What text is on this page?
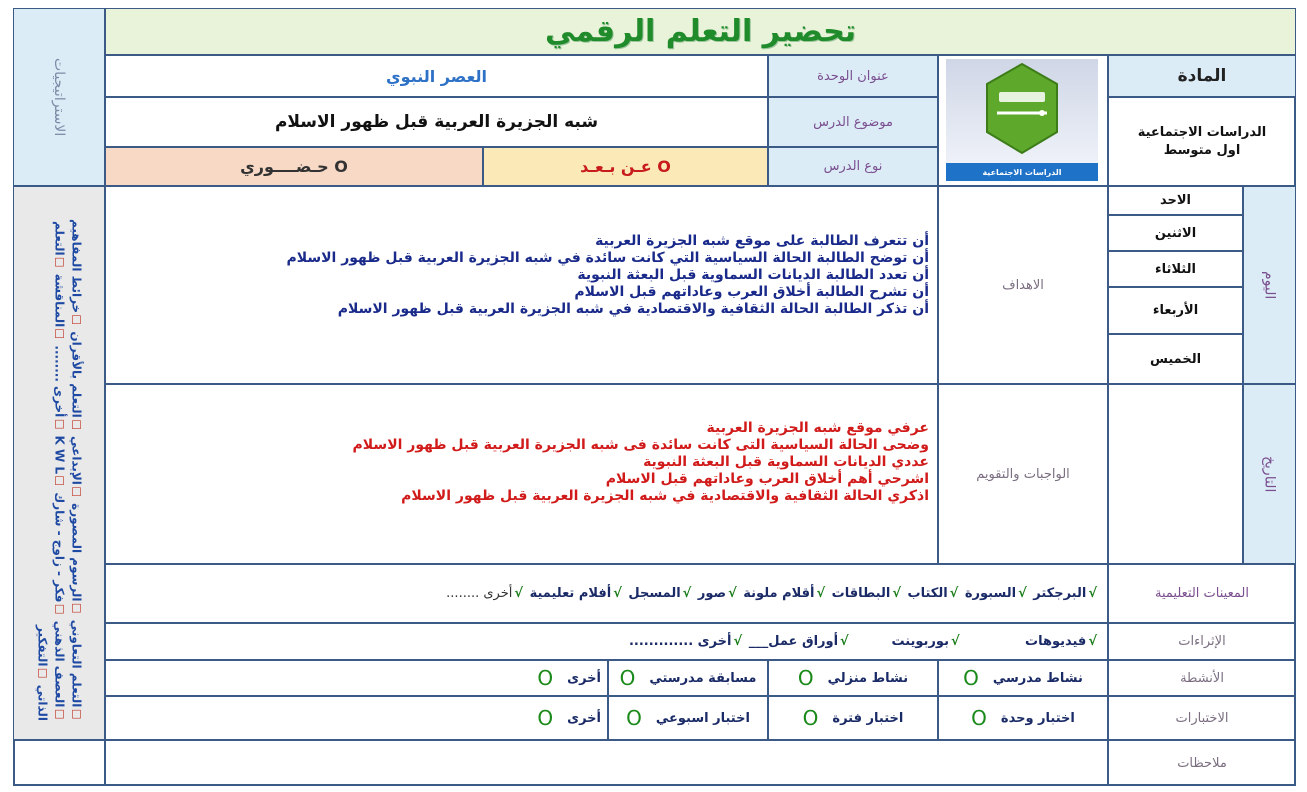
تحضير التعلم الرقمي
الاستراتيجيات
☐التعلم التعاوني ☐الرسوم المصورة ☐الإبداعي ☐التعلم بالأقران ☐خرائط المفاهيم ☐العصف الذهني ☐فكر - زاوج - شارك ☐K W L ☐أخرى ........ ☐المناقشة ☐التعلم الذاتي ☐التفكير
المادة
الدراسات الاجتماعية
اول متوسط
الدراسات الاجتماعية
عنوان الوحدة
العصر النبوي
موضوع الدرس
شبه الجزيرة العربية قبل ظهور الاسلام
نوع الدرس
عـن بـعـد O
حـضــــوري O
اليوم
التاريخ
الاحد
الاثنين
الثلاثاء
الأربعاء
الخميس
الاهداف
أن تتعرف الطالبة على موقع شبه الجزيرة العربية
أن توضح الطالبة الحالة السياسية التي كانت سائدة في شبه الجزيرة العربية قبل ظهور الاسلام
أن تعدد الطالبة الديانات السماوية قبل البعثة النبوية
أن تشرح الطالبة أخلاق العرب وعاداتهم قبل الاسلام
أن تذكر الطالبة الحالة الثقافية والاقتصادية في شبه الجزيرة العربية قبل ظهور الاسلام
الواجبات والتقويم
عرفي موقع شبه الجزيرة العربية
وضحى الحالة السياسية التى كانت سائدة فى شبه الجزيرة العربية قبل ظهور الاسلام
عددي الديانات السماوية قبل البعثة النبوية
اشرحي أهم أخلاق العرب وعاداتهم قبل الاسلام
اذكري الحالة الثقافية والاقتصادية في شبه الجزيرة العربية قبل ظهور الاسلام
المعينات التعليمية
√البرجكتر √السبورة √الكتاب √البطاقات √أقلام ملونة √صور √المسجل √أفلام تعليمية √أخرى ........
الإثراءات
√فيديوهات              √بوربوينت         √أوراق عمل___ √أخرى .............
الأنشطة
نشاط مدرسي
O
نشاط منزلي
O
مسابقة مدرستي
O
أخرى
O
الاختبارات
اختبار وحدة
O
اختبار فترة
O
اختبار اسبوعي
O
أخرى
O
ملاحظات
